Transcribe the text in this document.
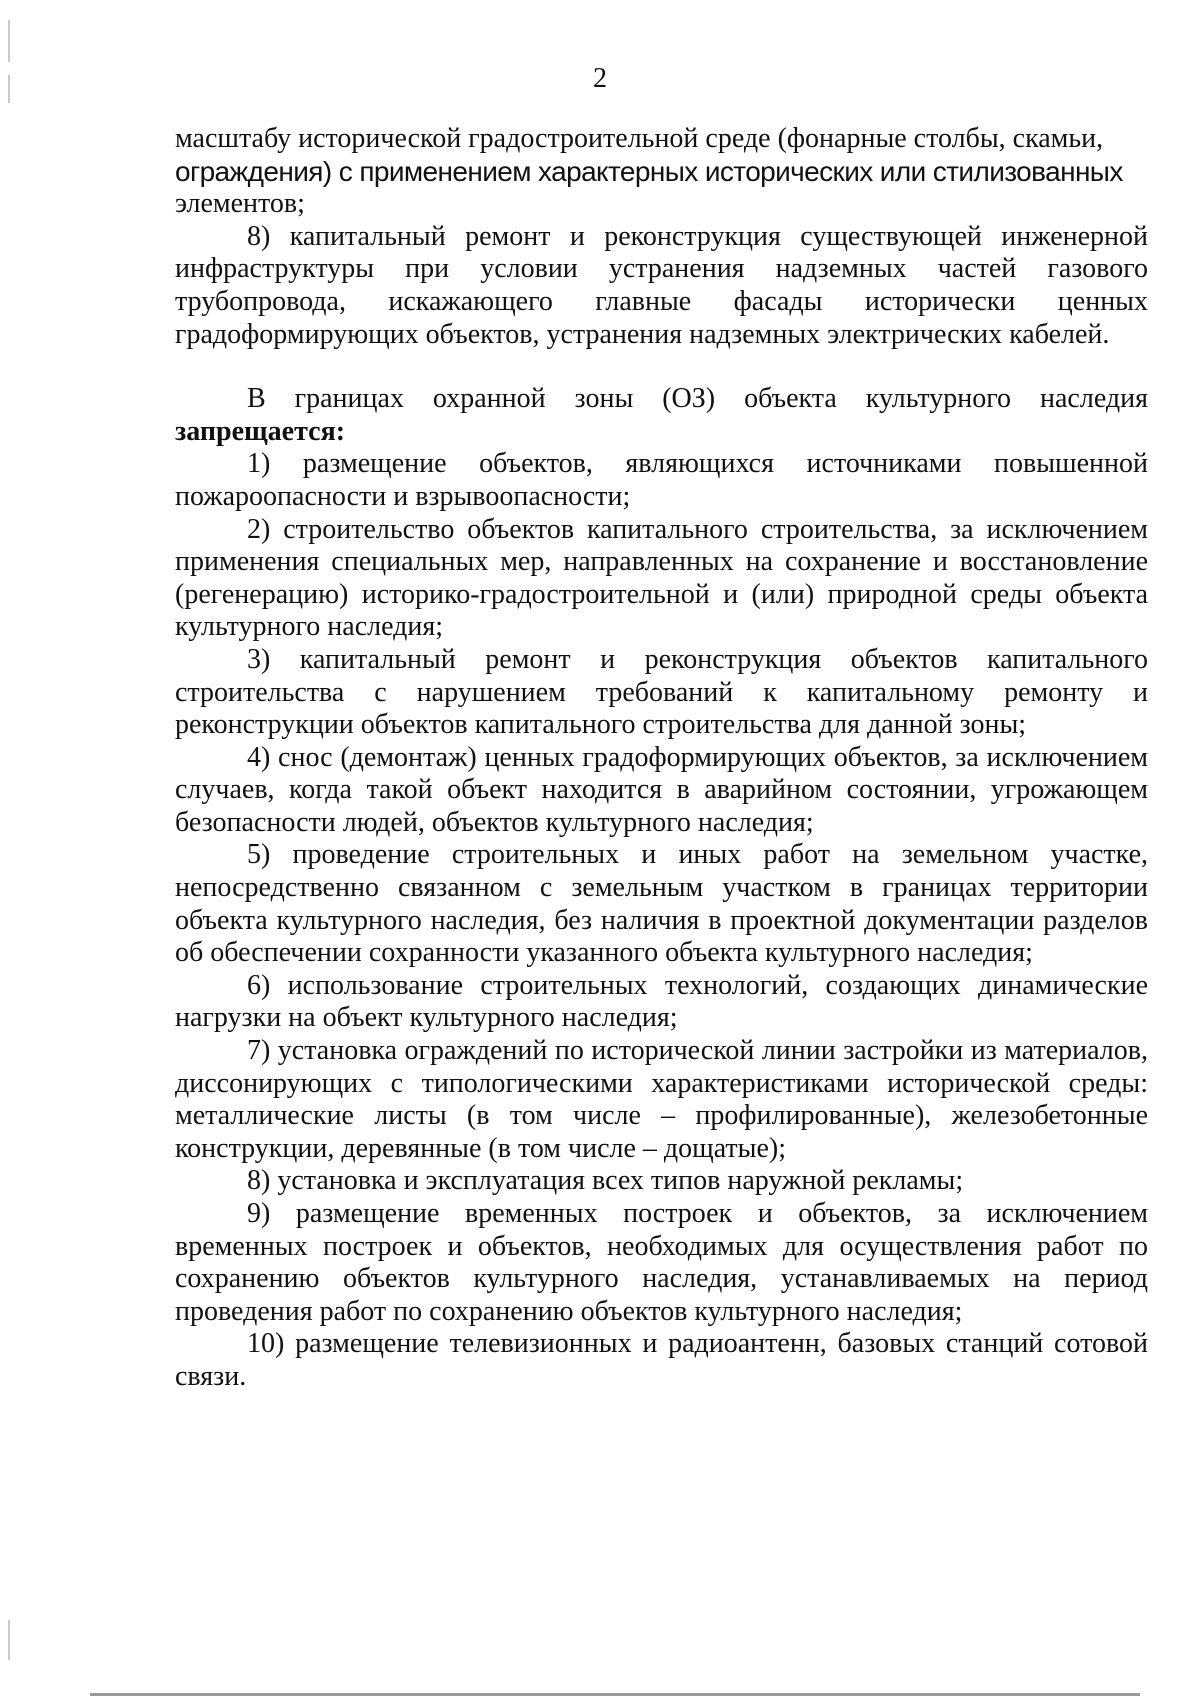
2

масштабу исторической градостроительной среде (фонарные столбы, скамьи,

ограждения) с применением характерных исторических или стилизованных

элементов;

8) капитальный ремонт и реконструкция существующей инженерной инфраструктуры при условии устранения надземных частей газового трубопровода, искажающего главные фасады исторически ценных градоформирующих объектов, устранения надземных электрических кабелей.

В границах охранной зоны (ОЗ) объекта культурного наследия запрещается:

1) размещение объектов, являющихся источниками повышенной пожароопасности и взрывоопасности;

2) строительство объектов капитального строительства, за исключением применения специальных мер, направленных на сохранение и восстановление (регенерацию) историко-градостроительной и (или) природной среды объекта культурного наследия;

3) капитальный ремонт и реконструкция объектов капитального строительства с нарушением требований к капитальному ремонту и реконструкции объектов капитального строительства для данной зоны;

4) снос (демонтаж) ценных градоформирующих объектов, за исключением случаев, когда такой объект находится в аварийном состоянии, угрожающем безопасности людей, объектов культурного наследия;

5) проведение строительных и иных работ на земельном участке, непосредственно связанном с земельным участком в границах территории объекта культурного наследия, без наличия в проектной документации разделов об обеспечении сохранности указанного объекта культурного наследия;

6) использование строительных технологий, создающих динамические нагрузки на объект культурного наследия;

7) установка ограждений по исторической линии застройки из материалов, диссонирующих с типологическими характеристиками исторической среды: металлические листы (в том числе – профилированные), железобетонные конструкции, деревянные (в том числе – дощатые);

8) установка и эксплуатация всех типов наружной рекламы;

9) размещение временных построек и объектов, за исключением временных построек и объектов, необходимых для осуществления работ по сохранению объектов культурного наследия, устанавливаемых на период проведения работ по сохранению объектов культурного наследия;

10) размещение телевизионных и радиоантенн, базовых станций сотовой связи.
